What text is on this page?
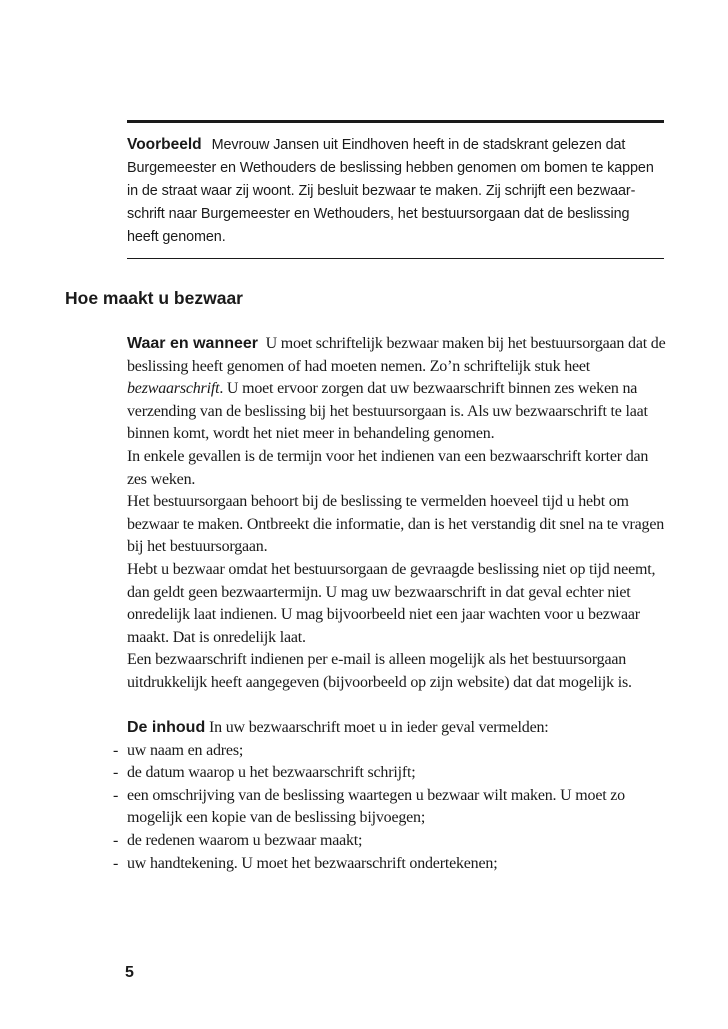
Voorbeeld Mevrouw Jansen uit Eindhoven heeft in de stadskrant gelezen dat Burgemeester en Wethouders de beslissing hebben genomen om bomen te kappen in de straat waar zij woont. Zij besluit bezwaar te maken. Zij schrijft een bezwaarschrift naar Burgemeester en Wethouders, het bestuursorgaan dat de beslissing heeft genomen.
Hoe maakt u bezwaar

Waar en wanneer U moet schriftelijk bezwaar maken bij het bestuursorgaan dat de beslissing heeft genomen of had moeten nemen. Zo’n schriftelijk stuk heet bezwaarschrift. U moet ervoor zorgen dat uw bezwaarschrift binnen zes weken na verzending van de beslissing bij het bestuursorgaan is. Als uw bezwaarschrift te laat binnen komt, wordt het niet meer in behandeling genomen.

In enkele gevallen is de termijn voor het indienen van een bezwaarschrift korter dan zes weken.

Het bestuursorgaan behoort bij de beslissing te vermelden hoeveel tijd u hebt om bezwaar te maken. Ontbreekt die informatie, dan is het verstandig dit snel na te vragen bij het bestuursorgaan.

Hebt u bezwaar omdat het bestuursorgaan de gevraagde beslissing niet op tijd neemt, dan geldt geen bezwaartermijn. U mag uw bezwaarschrift in dat geval echter niet onredelijk laat indienen. U mag bijvoorbeeld niet een jaar wachten voor u bezwaar maakt. Dat is onredelijk laat.

Een bezwaarschrift indienen per e-mail is alleen mogelijk als het bestuursorgaan uitdrukkelijk heeft aangegeven (bijvoorbeeld op zijn website) dat dat mogelijk is.

De inhoud In uw bezwaarschrift moet u in ieder geval vermelden:

- uw naam en adres;
- de datum waarop u het bezwaarschrift schrijft;
- een omschrijving van de beslissing waartegen u bezwaar wilt maken. U moet zo mogelijk een kopie van de beslissing bijvoegen;
- de redenen waarom u bezwaar maakt;
- uw handtekening. U moet het bezwaarschrift ondertekenen;
5
